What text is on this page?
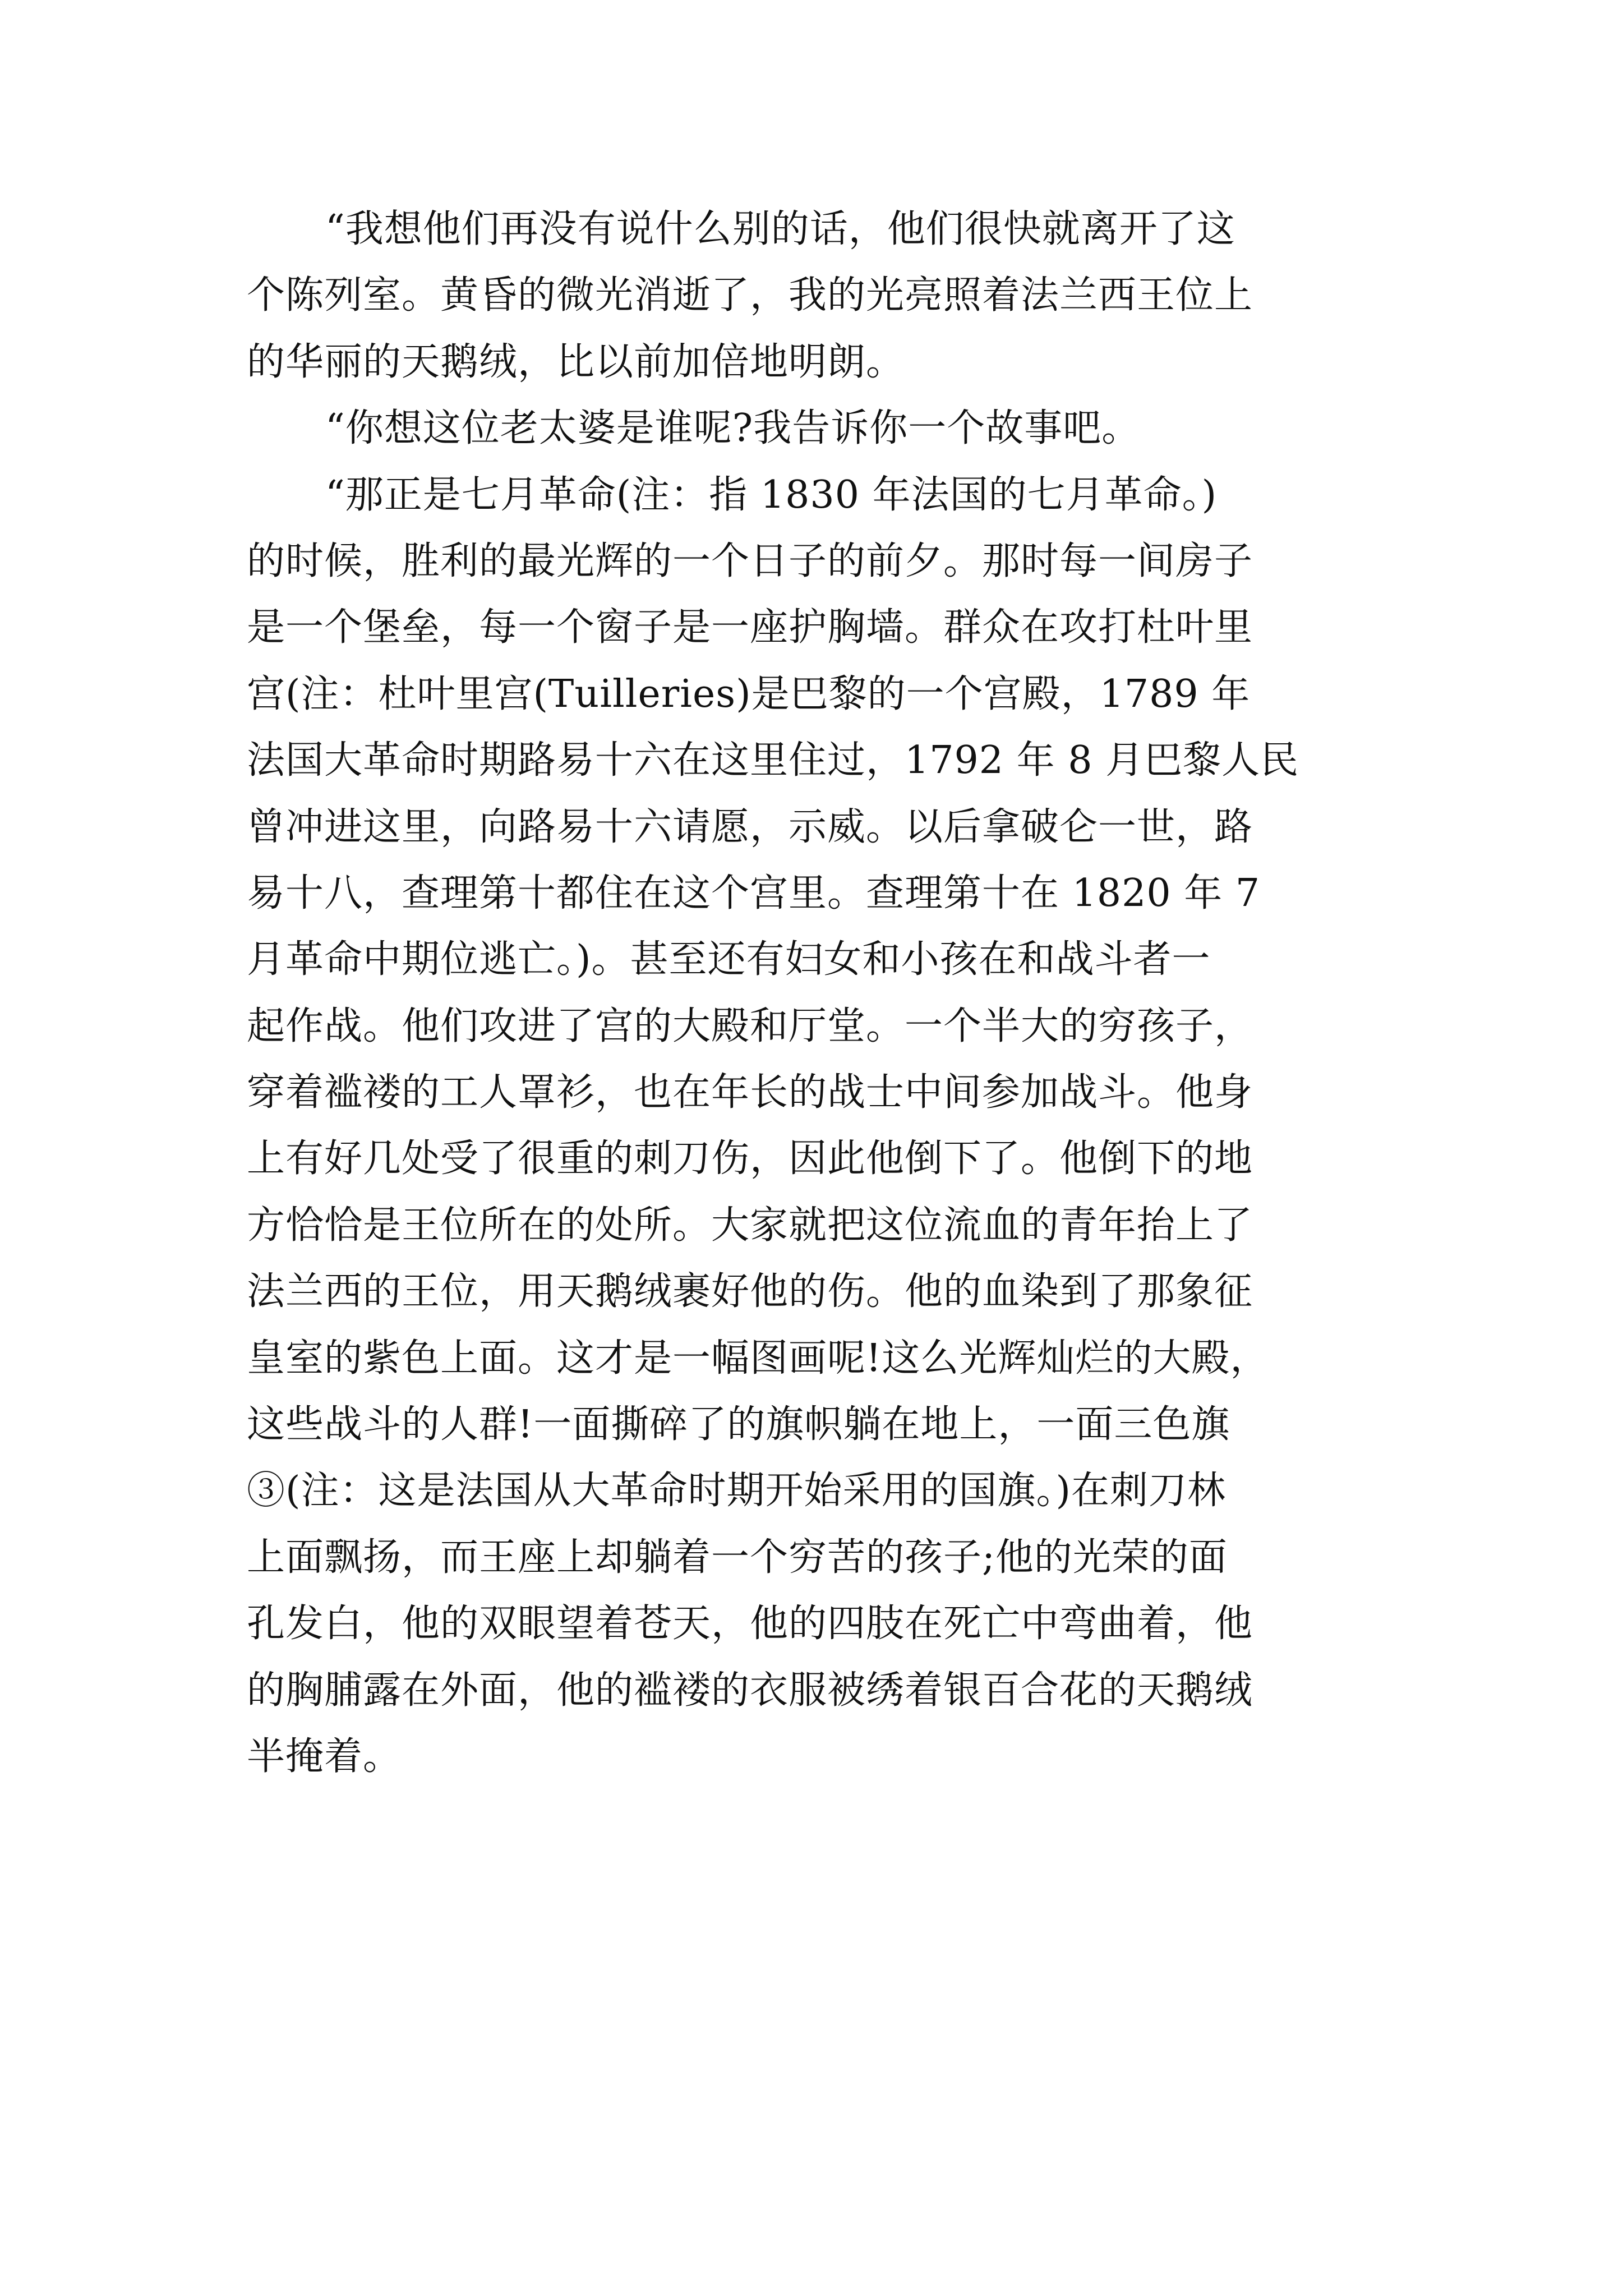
“我想他们再没有说什么别的话，他们很快就离开了这
个陈列室。黄昏的微光消逝了，我的光亮照着法兰西王位上
的华丽的天鹅绒，比以前加倍地明朗。
“你想这位老太婆是谁呢?我告诉你一个故事吧。
“那正是七月革命(注：指 1830 年法国的七月革命。)
的时候，胜利的最光辉的一个日子的前夕。那时每一间房子
是一个堡垒，每一个窗子是一座护胸墙。群众在攻打杜叶里
宫(注：杜叶里宫(Tuilleries)是巴黎的一个宫殿，1789 年
法国大革命时期路易十六在这里住过，1792 年 8 月巴黎人民
曾冲进这里，向路易十六请愿，示威。以后拿破仑一世，路
易十八，查理第十都住在这个宫里。查理第十在 1820 年 7
月革命中期位逃亡。)。甚至还有妇女和小孩在和战斗者一
起作战。他们攻进了宫的大殿和厅堂。一个半大的穷孩子，
穿着褴褛的工人罩衫，也在年长的战士中间参加战斗。他身
上有好几处受了很重的刺刀伤，因此他倒下了。他倒下的地
方恰恰是王位所在的处所。大家就把这位流血的青年抬上了
法兰西的王位，用天鹅绒裹好他的伤。他的血染到了那象征
皇室的紫色上面。这才是一幅图画呢!这么光辉灿烂的大殿，
这些战斗的人群!一面撕碎了的旗帜躺在地上，一面三色旗
③(注：这是法国从大革命时期开始采用的国旗。)在刺刀林
上面飘扬，而王座上却躺着一个穷苦的孩子;他的光荣的面
孔发白，他的双眼望着苍天，他的四肢在死亡中弯曲着，他
的胸脯露在外面，他的褴褛的衣服被绣着银百合花的天鹅绒
半掩着。
